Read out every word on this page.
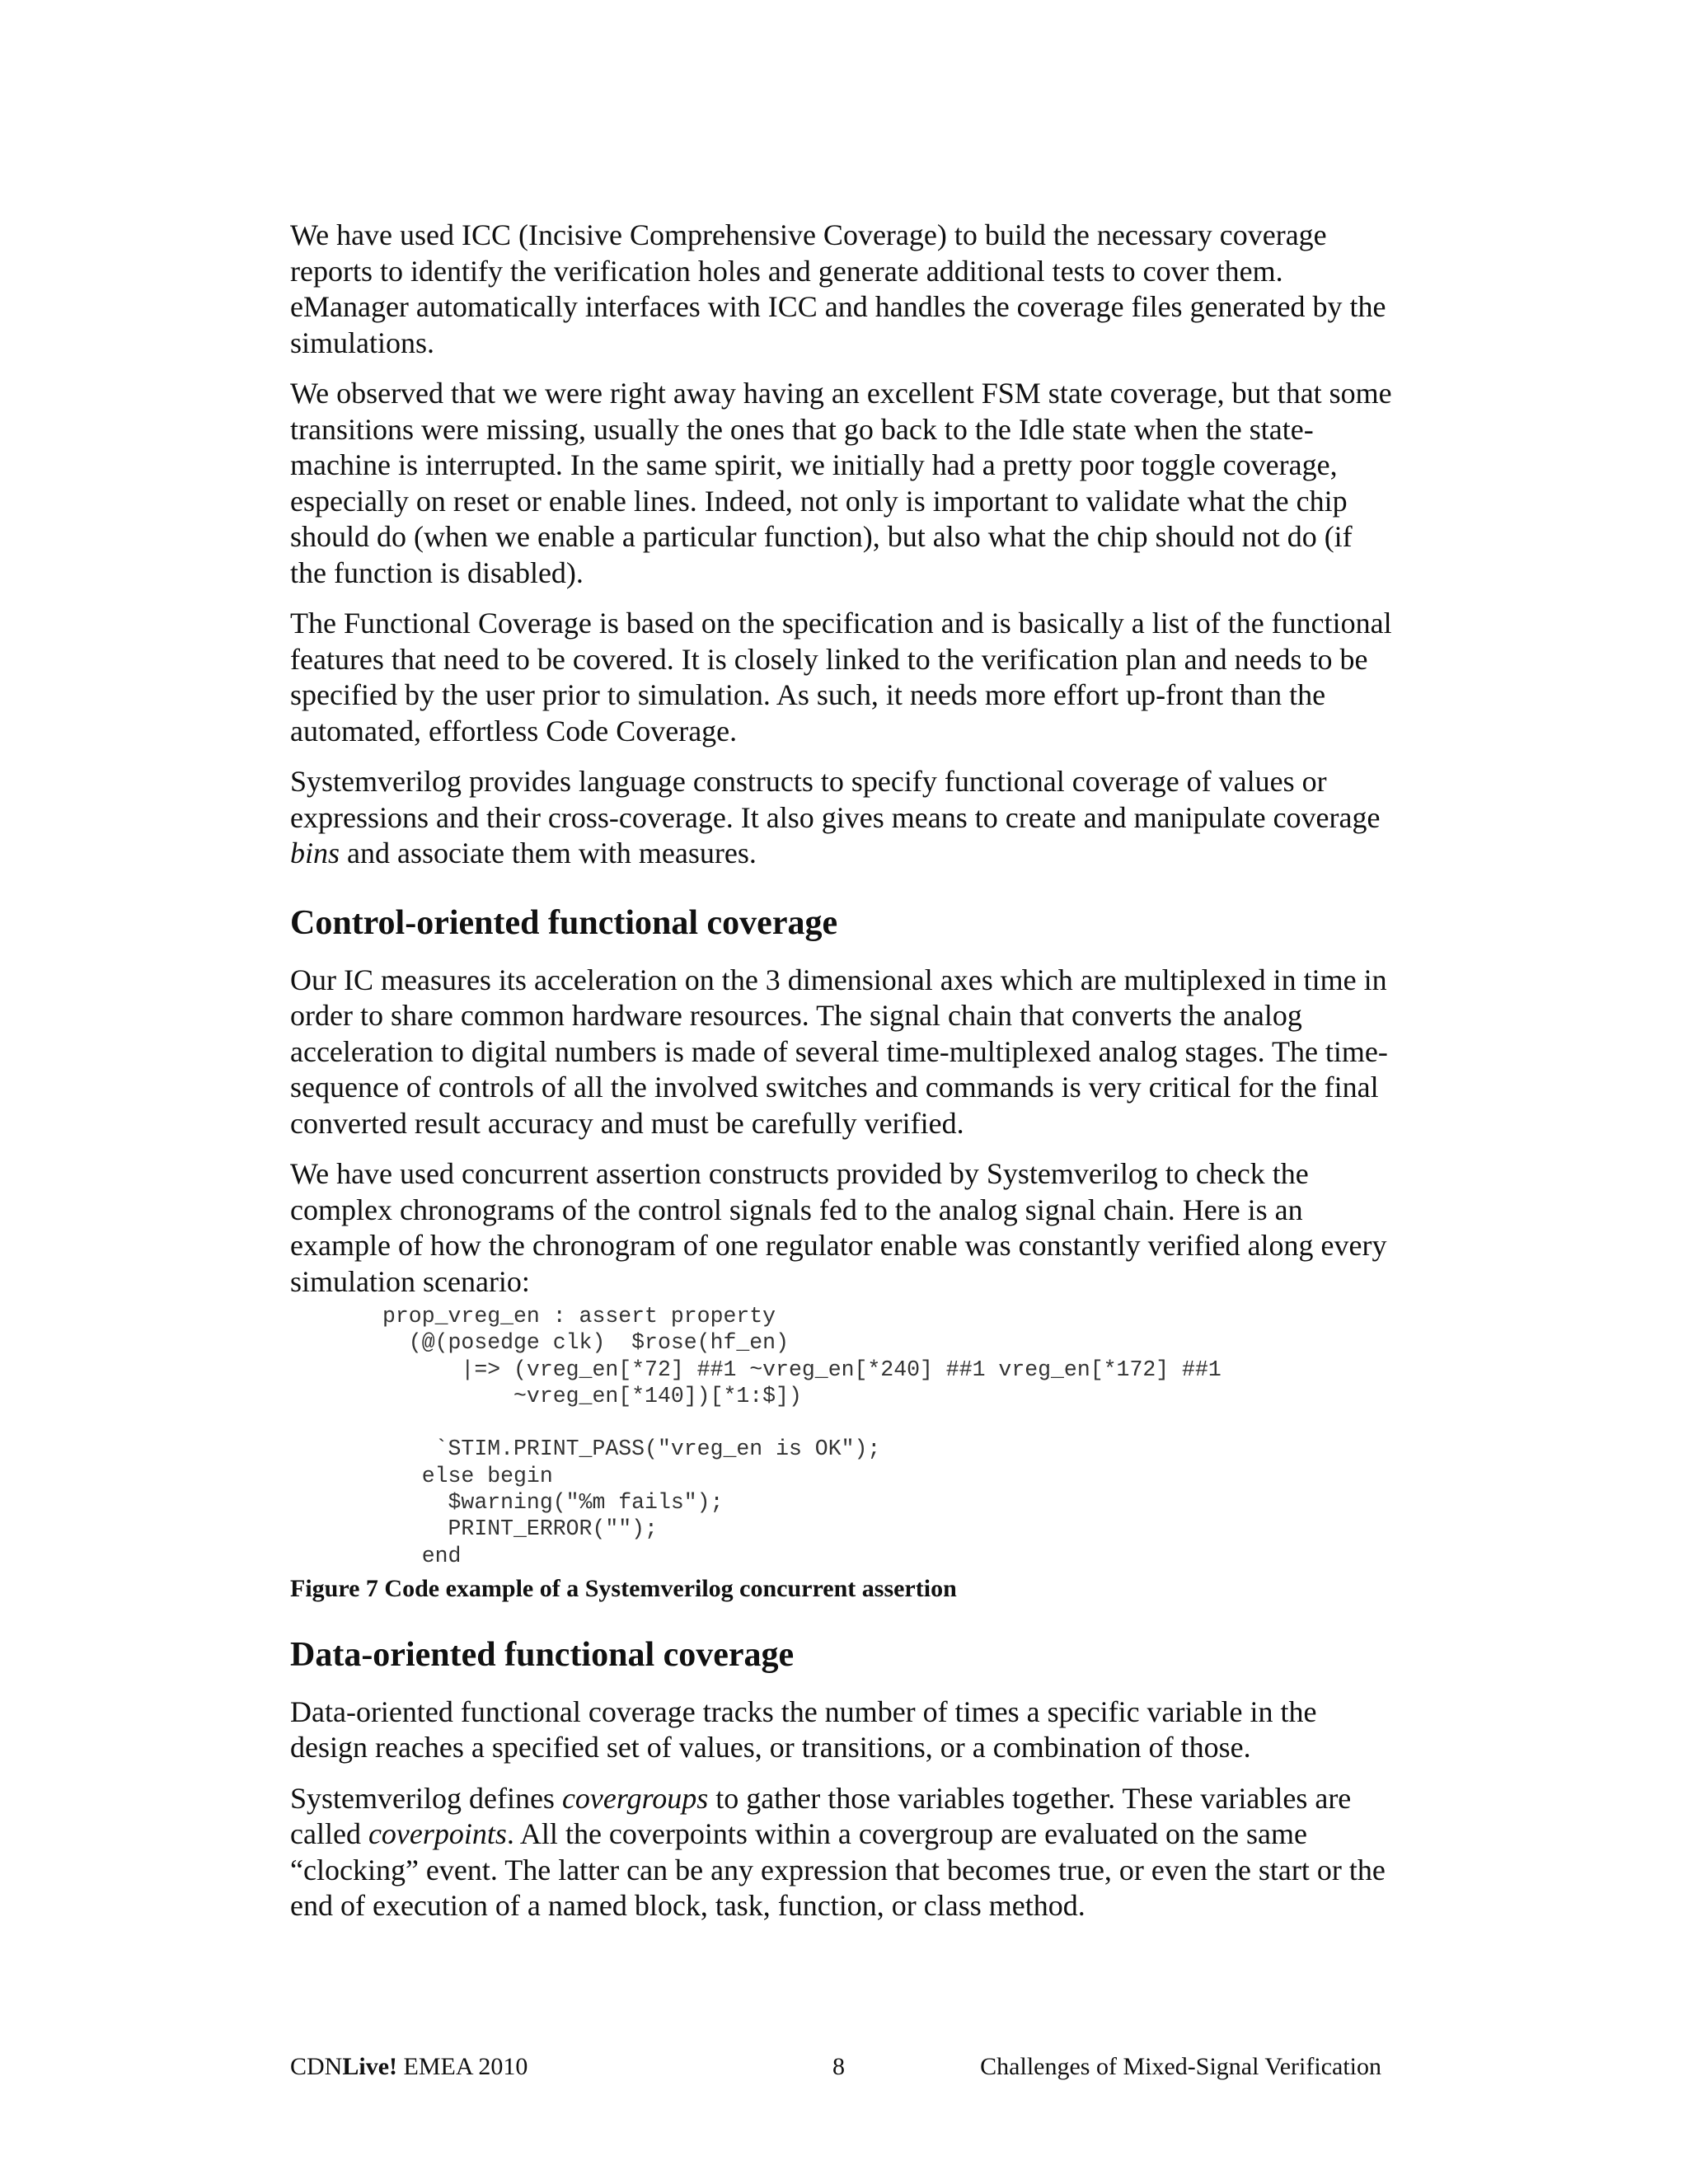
We have used ICC (Incisive Comprehensive Coverage) to build the necessary coverage reports to identify the verification holes and generate additional tests to cover them. eManager automatically interfaces with ICC and handles the coverage files generated by the simulations.

We observed that we were right away having an excellent FSM state coverage, but that some transitions were missing, usually the ones that go back to the Idle state when the state-machine is interrupted. In the same spirit, we initially had a pretty poor toggle coverage, especially on reset or enable lines. Indeed, not only is important to validate what the chip should do (when we enable a particular function), but also what the chip should not do (if the function is disabled).

The Functional Coverage is based on the specification and is basically a list of the functional features that need to be covered. It is closely linked to the verification plan and needs to be specified by the user prior to simulation. As such, it needs more effort up-front than the automated, effortless Code Coverage.

Systemverilog provides language constructs to specify functional coverage of values or expressions and their cross-coverage. It also gives means to create and manipulate coverage bins and associate them with measures.

Control-oriented functional coverage

Our IC measures its acceleration on the 3 dimensional axes which are multiplexed in time in order to share common hardware resources. The signal chain that converts the analog acceleration to digital numbers is made of several time-multiplexed analog stages. The time-sequence of controls of all the involved switches and commands is very critical for the final converted result accuracy and must be carefully verified.

We have used concurrent assertion constructs provided by Systemverilog to check the complex chronograms of the control signals fed to the analog signal chain. Here is an example of how the chronogram of one regulator enable was constantly verified along every simulation scenario:

prop_vreg_en : assert property
(@(posedge clk)  $rose(hf_en)
|=> (vreg_en[*72] ##1 ~vreg_en[*240] ##1 vreg_en[*172] ##1
~vreg_en[*140])[*1:$])

`STIM.PRINT_PASS("vreg_en is OK");
else begin
$warning("%m fails");
PRINT_ERROR("");
end
Figure 7 Code example of a Systemverilog concurrent assertion
Data-oriented functional coverage

Data-oriented functional coverage tracks the number of times a specific variable in the design reaches a specified set of values, or transitions, or a combination of those.

Systemverilog defines covergroups to gather those variables together. These variables are called coverpoints. All the coverpoints within a covergroup are evaluated on the same “clocking” event. The latter can be any expression that becomes true, or even the start or the end of execution of a named block, task, function, or class method.

CDNLive! EMEA 2010	8	Challenges of Mixed-Signal Verification
